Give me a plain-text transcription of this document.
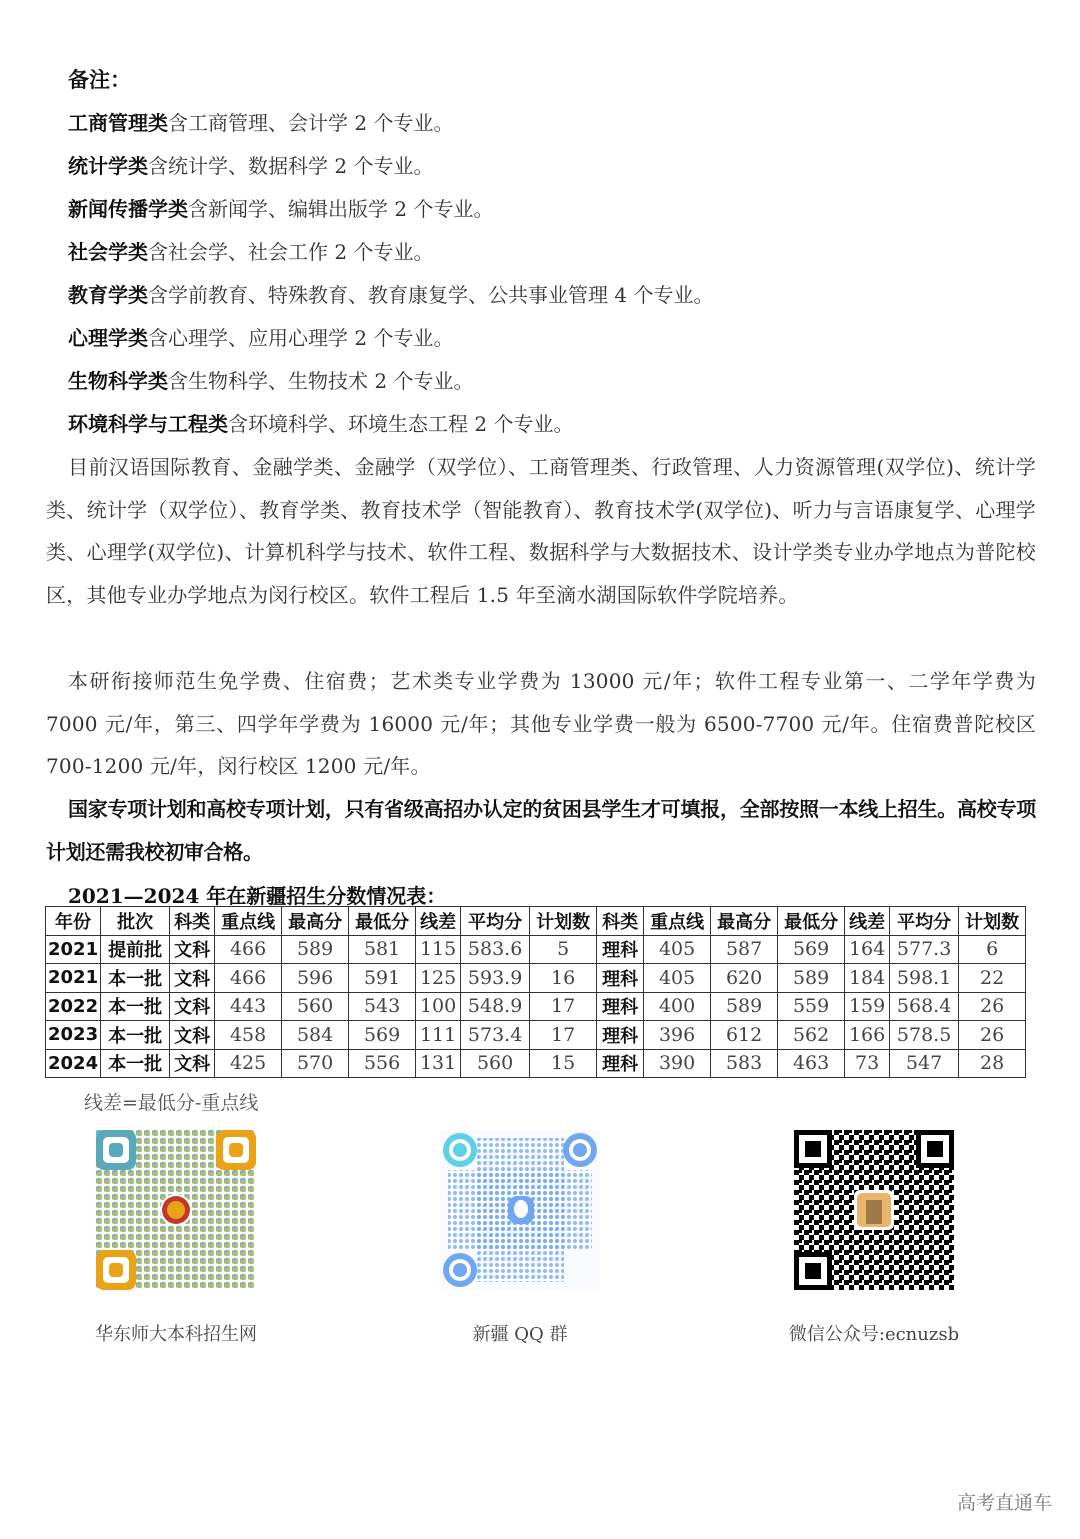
备注：
工商管理类含工商管理、会计学 2 个专业。
统计学类含统计学、数据科学 2 个专业。
新闻传播学类含新闻学、编辑出版学 2 个专业。
社会学类含社会学、社会工作 2 个专业。
教育学类含学前教育、特殊教育、教育康复学、公共事业管理 4 个专业。
心理学类含心理学、应用心理学 2 个专业。
生物科学类含生物科学、生物技术 2 个专业。
环境科学与工程类含环境科学、环境生态工程 2 个专业。
目前汉语国际教育、金融学类、金融学（双学位）、工商管理类、行政管理、人力资源管理(双学位)、统计学类、统计学（双学位）、教育学类、教育技术学（智能教育）、教育技术学(双学位)、听力与言语康复学、心理学类、心理学(双学位)、计算机科学与技术、软件工程、数据科学与大数据技术、设计学类专业办学地点为普陀校区，其他专业办学地点为闵行校区。软件工程后 1.5 年至滴水湖国际软件学院培养。
本研衔接师范生免学费、住宿费；艺术类专业学费为 13000 元/年；软件工程专业第一、二学年学费为 7000 元/年，第三、四学年学费为 16000 元/年；其他专业学费一般为 6500-7700 元/年。住宿费普陀校区 700-1200 元/年，闵行校区 1200 元/年。
国家专项计划和高校专项计划，只有省级高招办认定的贫困县学生才可填报，全部按照一本线上招生。高校专项计划还需我校初审合格。
2021—2024 年在新疆招生分数情况表：
年份	批次	科类	重点线	最高分	最低分	线差	平均分	计划数	科类	重点线	最高分	最低分	线差	平均分	计划数
2021	提前批	文科	466	589	581	115	583.6	5	理科	405	587	569	164	577.3	6
2021	本一批	文科	466	596	591	125	593.9	16	理科	405	620	589	184	598.1	22
2022	本一批	文科	443	560	543	100	548.9	17	理科	400	589	559	159	568.4	26
2023	本一批	文科	458	584	569	111	573.4	17	理科	396	612	562	166	578.5	26
2024	本一批	文科	425	570	556	131	560	15	理科	390	583	463	73	547	28
线差=最低分-重点线
华东师大本科招生网	新疆 QQ 群	微信公众号:ecnuzsb
高考直通车
